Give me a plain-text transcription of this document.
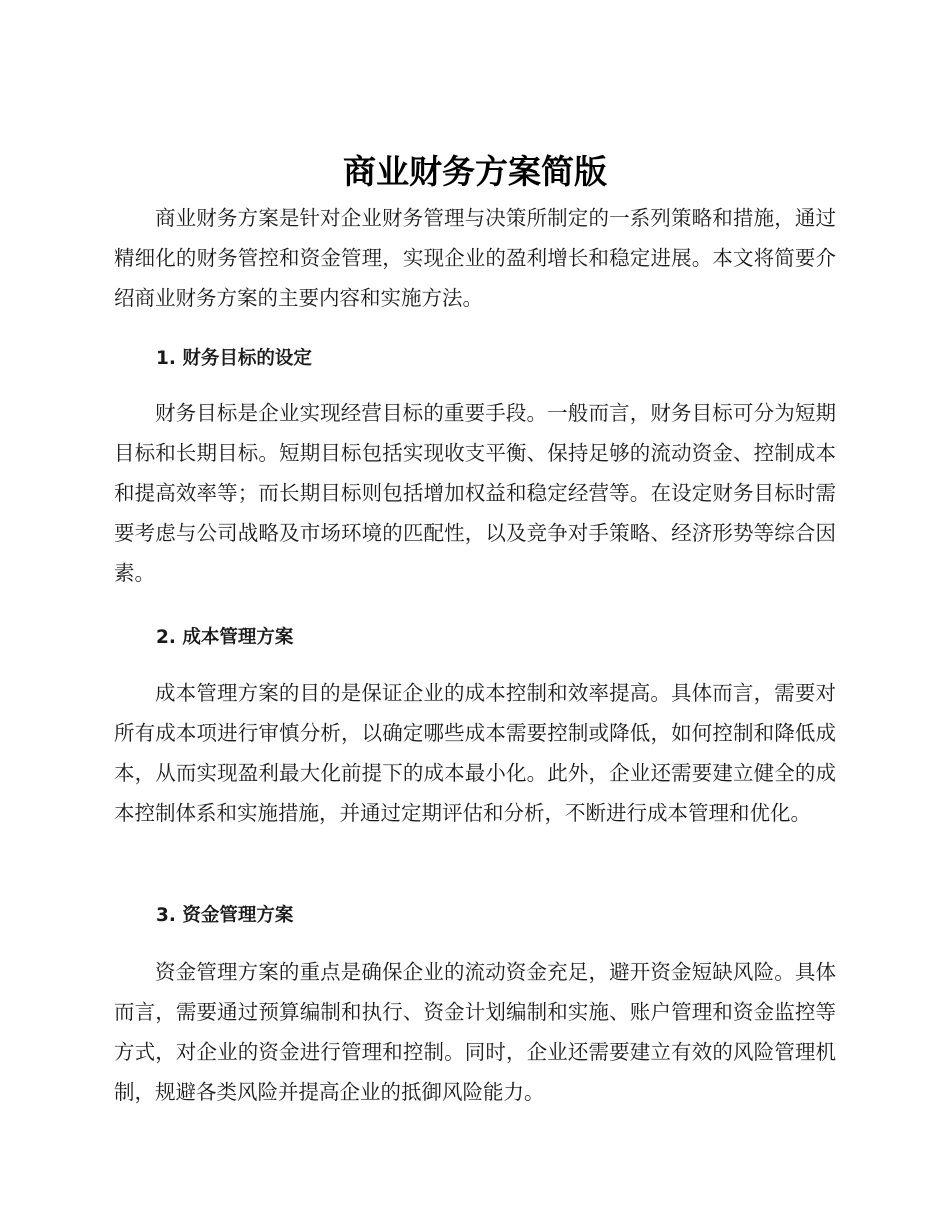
商业财务方案简版

商业财务方案是针对企业财务管理与决策所制定的一系列策略和措施，通过精细化的财务管控和资金管理，实现企业的盈利增长和稳定进展。本文将简要介绍商业财务方案的主要内容和实施方法。

1. 财务目标的设定

财务目标是企业实现经营目标的重要手段。一般而言，财务目标可分为短期目标和长期目标。短期目标包括实现收支平衡、保持足够的流动资金、控制成本和提高效率等；而长期目标则包括增加权益和稳定经营等。在设定财务目标时需要考虑与公司战略及市场环境的匹配性，以及竞争对手策略、经济形势等综合因素。

2. 成本管理方案

成本管理方案的目的是保证企业的成本控制和效率提高。具体而言，需要对所有成本项进行审慎分析，以确定哪些成本需要控制或降低，如何控制和降低成本，从而实现盈利最大化前提下的成本最小化。此外，企业还需要建立健全的成本控制体系和实施措施，并通过定期评估和分析，不断进行成本管理和优化。

3. 资金管理方案

资金管理方案的重点是确保企业的流动资金充足，避开资金短缺风险。具体而言，需要通过预算编制和执行、资金计划编制和实施、账户管理和资金监控等方式，对企业的资金进行管理和控制。同时，企业还需要建立有效的风险管理机制，规避各类风险并提高企业的抵御风险能力。
